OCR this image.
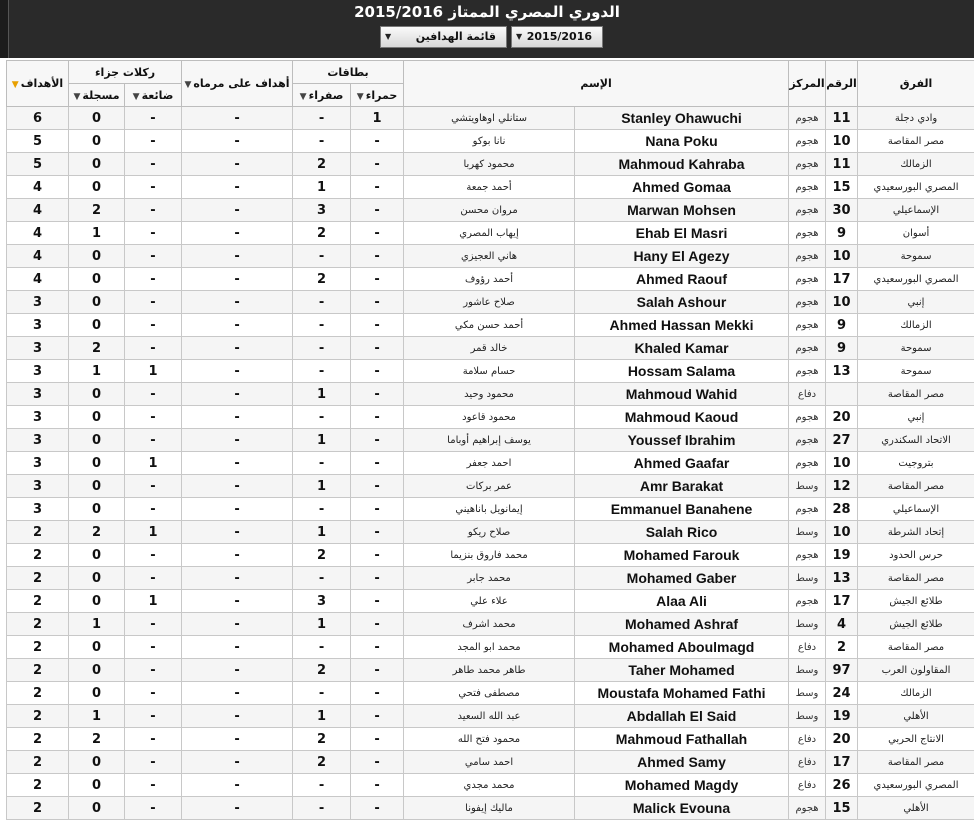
الدوري المصري الممتاز 2015/2016
▼ 2015/2016
▼ قائمة الهدافين
▼ الأهداف	ركلات جزاء		▼ أهداف على مرماه	بطاقات		الإسم		المركز	الرقم	الفرق
	▼ مسجلة	▼ ضائعة		▼ صفراء	▼ حمراء					
6	0	-	-	-	1	ستانلي اوهاويتشي	Stanley Ohawuchi	هجوم	11	وادي دجلة
5	0	-	-	-	-	نانا بوكو	Nana Poku	هجوم	10	مصر المقاصة
5	0	-	-	2	-	محمود كهربا	Mahmoud Kahraba	هجوم	11	الزمالك
4	0	-	-	1	-	أحمد جمعة	Ahmed Gomaa	هجوم	15	المصري البورسعيدي
4	2	-	-	3	-	مروان محسن	Marwan Mohsen	هجوم	30	الإسماعيلي
4	1	-	-	2	-	إيهاب المصري	Ehab El Masri	هجوم	9	أسوان
4	0	-	-	-	-	هاني العجيزي	Hany El Agezy	هجوم	10	سموحة
4	0	-	-	2	-	أحمد رؤوف	Ahmed Raouf	هجوم	17	المصري البورسعيدي
3	0	-	-	-	-	صلاح عاشور	Salah Ashour	هجوم	10	إنبي
3	0	-	-	-	-	أحمد حسن مكي	Ahmed Hassan Mekki	هجوم	9	الزمالك
3	2	-	-	-	-	خالد قمر	Khaled Kamar	هجوم	9	سموحة
3	1	1	-	-	-	حسام سلامة	Hossam Salama	هجوم	13	سموحة
3	0	-	-	1	-	محمود وحيد	Mahmoud Wahid	دفاع		مصر المقاصة
3	0	-	-	-	-	محمود قاعود	Mahmoud Kaoud	هجوم	20	إنبي
3	0	-	-	1	-	يوسف إبراهيم أوباما	Youssef Ibrahim	هجوم	27	الاتحاد السكندري
3	0	1	-	-	-	احمد جعفر	Ahmed Gaafar	هجوم	10	بتروجيت
3	0	-	-	1	-	عمر بركات	Amr Barakat	وسط	12	مصر المقاصة
3	0	-	-	-	-	إيمانويل باناهيني	Emmanuel Banahene	هجوم	28	الإسماعيلي
2	2	1	-	1	-	صلاح ريكو	Salah Rico	وسط	10	إتحاد الشرطة
2	0	-	-	2	-	محمد فاروق بنزيما	Mohamed Farouk	هجوم	19	حرس الحدود
2	0	-	-	-	-	محمد جابر	Mohamed Gaber	وسط	13	مصر المقاصة
2	0	1	-	3	-	علاء علي	Alaa Ali	هجوم	17	طلائع الجيش
2	1	-	-	1	-	محمد اشرف	Mohamed Ashraf	وسط	4	طلائع الجيش
2	0	-	-	-	-	محمد ابو المجد	Mohamed Aboulmagd	دفاع	2	مصر المقاصة
2	0	-	-	2	-	طاهر محمد طاهر	Taher Mohamed	وسط	97	المقاولون العرب
2	0	-	-	-	-	مصطفى فتحي	Moustafa Mohamed Fathi	وسط	24	الزمالك
2	1	-	-	1	-	عبد الله السعيد	Abdallah El Said	وسط	19	الأهلي
2	2	-	-	2	-	محمود فتح الله	Mahmoud Fathallah	دفاع	20	الانتاج الحربي
2	0	-	-	2	-	احمد سامي	Ahmed Samy	دفاع	17	مصر المقاصة
2	0	-	-	-	-	محمد مجدي	Mohamed Magdy	دفاع	26	المصري البورسعيدي
2	0	-	-	-	-	ماليك إيفونا	Malick Evouna	هجوم	15	الأهلي
